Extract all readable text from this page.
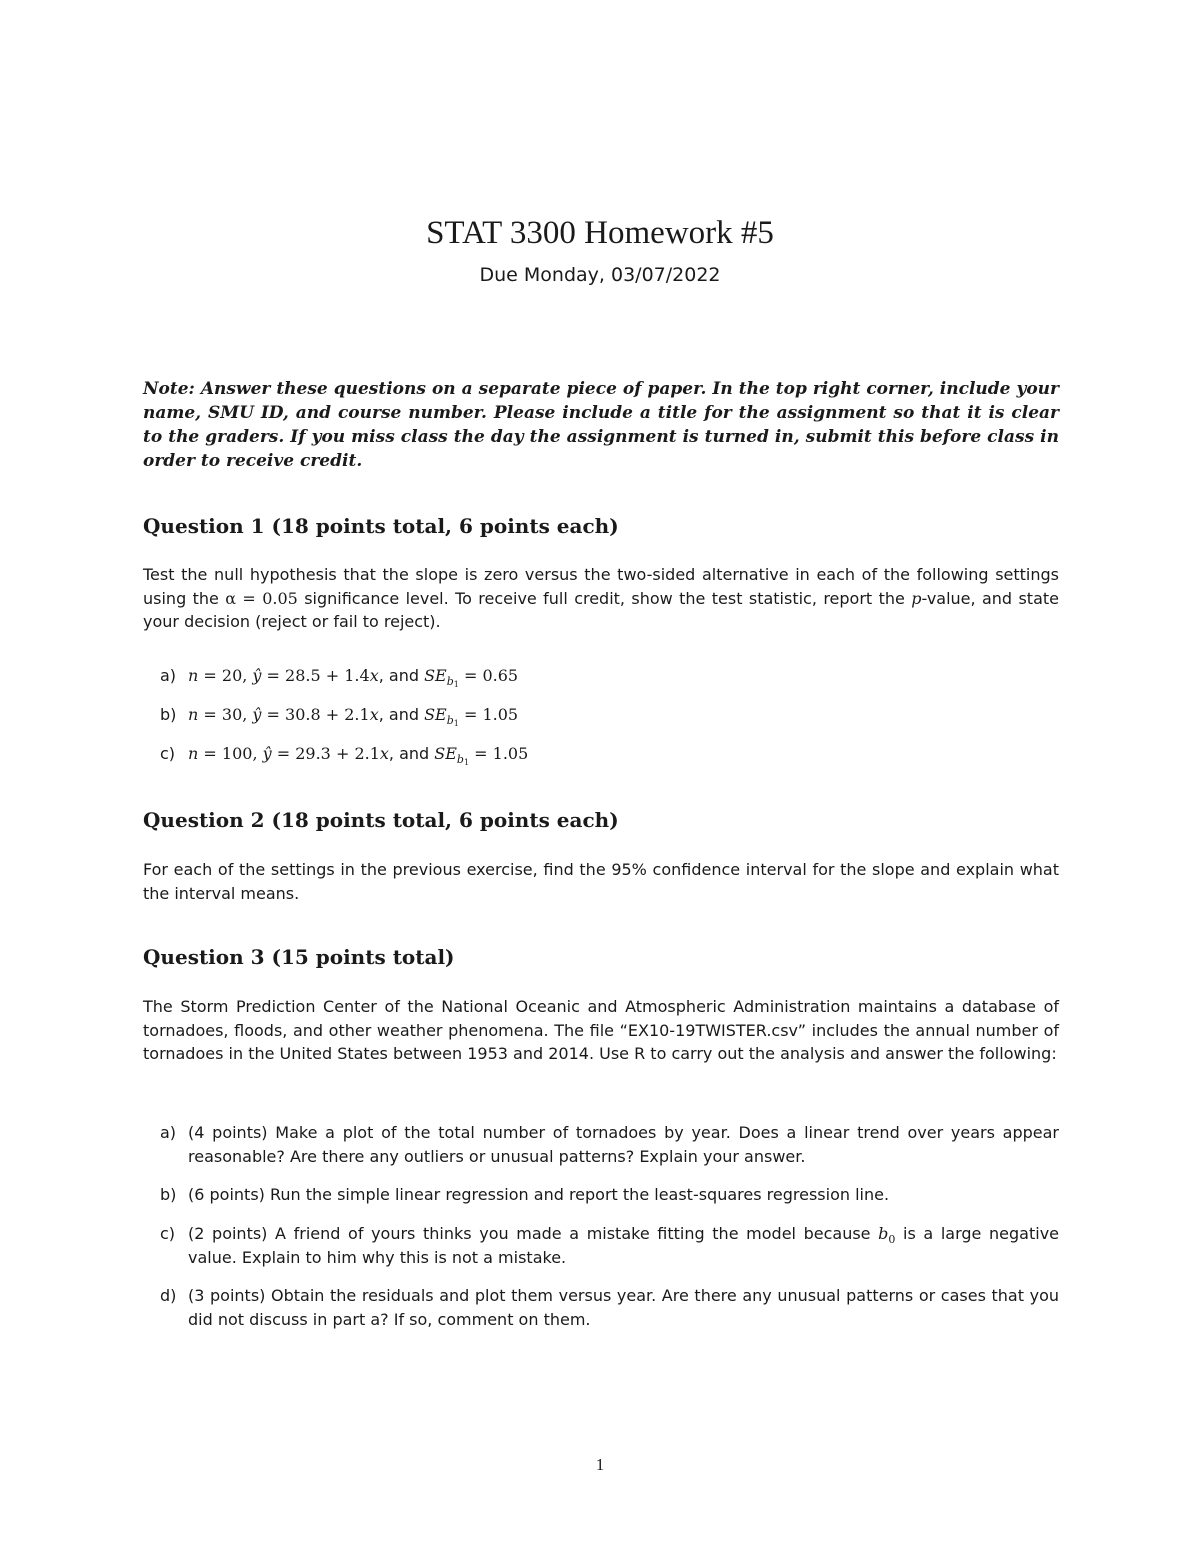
STAT 3300 Homework #5
Due Monday, 03/07/2022
Note: Answer these questions on a separate piece of paper. In the top right corner, include your name, SMU ID, and course number. Please include a title for the assignment so that it is clear to the graders. If you miss class the day the assignment is turned in, submit this before class in order to receive credit.
Question 1 (18 points total, 6 points each)
Test the null hypothesis that the slope is zero versus the two-sided alternative in each of the following settings using the α = 0.05 significance level. To receive full credit, show the test statistic, report the p-value, and state your decision (reject or fail to reject).
a) n = 20, ŷ = 28.5 + 1.4x, and $SE_{b_1} = 0.65$
b) n = 30, ŷ = 30.8 + 2.1x, and $SE_{b_1} = 1.05$
c) n = 100, ŷ = 29.3 + 2.1x, and $SE_{b_1} = 1.05$
Question 2 (18 points total, 6 points each)
For each of the settings in the previous exercise, find the 95% confidence interval for the slope and explain what the interval means.
Question 3 (15 points total)
The Storm Prediction Center of the National Oceanic and Atmospheric Administration maintains a database of tornadoes, floods, and other weather phenomena. The file “EX10-19TWISTER.csv” includes the annual number of tornadoes in the United States between 1953 and 2014. Use R to carry out the analysis and answer the following:
a) (4 points) Make a plot of the total number of tornadoes by year. Does a linear trend over years appear reasonable? Are there any outliers or unusual patterns? Explain your answer.
b) (6 points) Run the simple linear regression and report the least-squares regression line.
c) (2 points) A friend of yours thinks you made a mistake fitting the model because $b_0$ is a large negative value. Explain to him why this is not a mistake.
d) (3 points) Obtain the residuals and plot them versus year. Are there any unusual patterns or cases that you did not discuss in part a? If so, comment on them.
1
